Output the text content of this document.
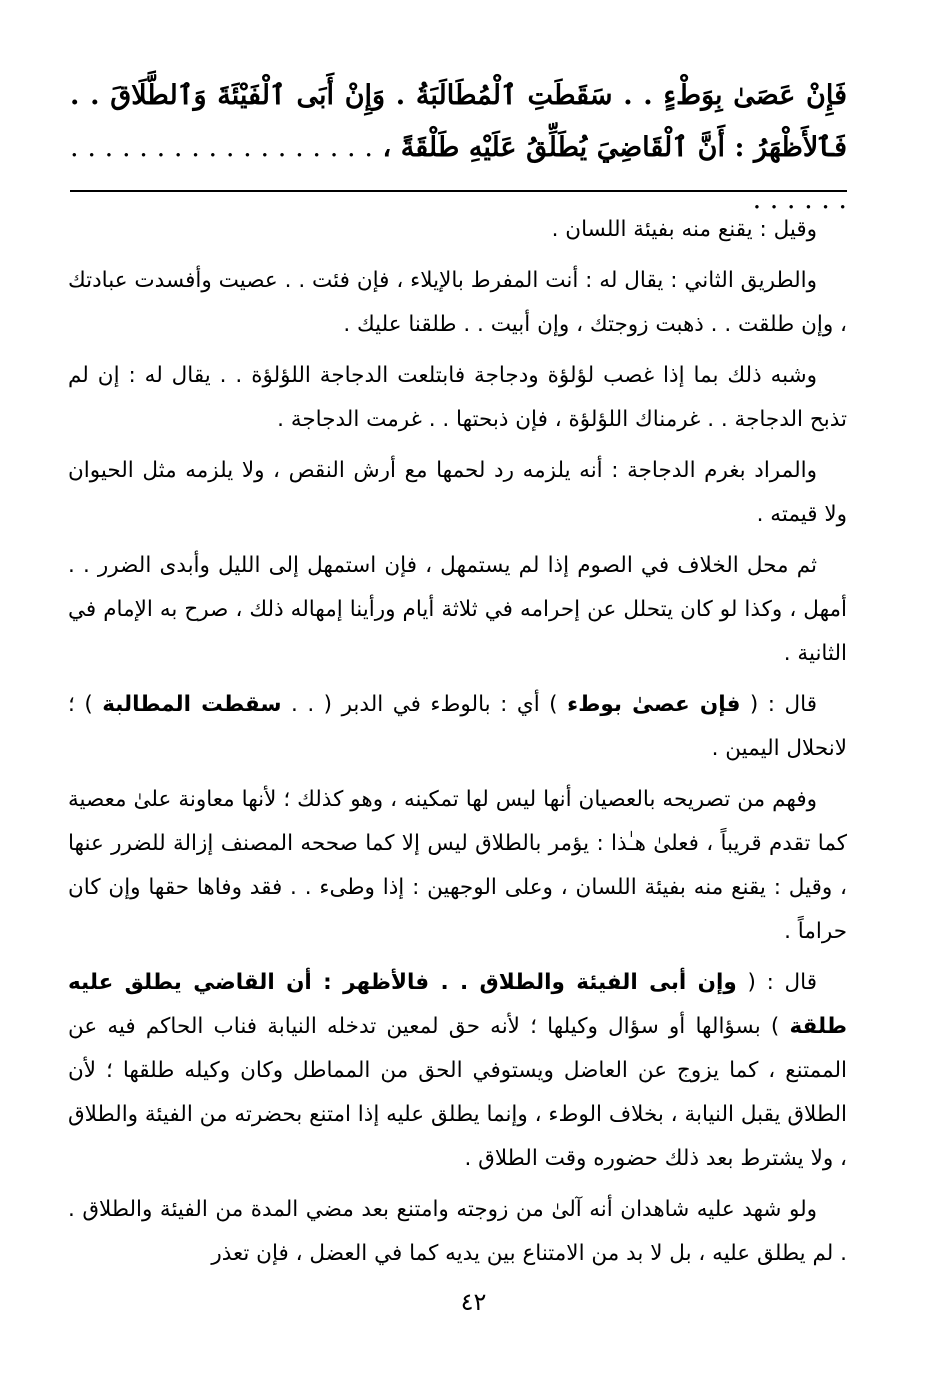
فَإِنْ عَصَىٰ بِوَطْءٍ . . سَقَطَتِ ٱلْمُطَالَبَةُ . وَإِنْ أَبَى ٱلْفَيْئَةَ وَٱلطَّلَاقَ . . فَٱلأَظْهَرُ : أَنَّ ٱلْقَاضِيَ يُطَلِّقُ عَلَيْهِ طَلْقَةً ، . . . . . . . . . . . . . . . . . . . . . . . .

وقيل : يقنع منه بفيئة اللسان .

والطريق الثاني : يقال له : أنت المفرط بالإيلاء ، فإن فئت . . عصيت وأفسدت عبادتك ، وإن طلقت . . ذهبت زوجتك ، وإن أبيت . . طلقنا عليك .

وشبه ذلك بما إذا غصب لؤلؤة ودجاجة فابتلعت الدجاجة اللؤلؤة . . يقال له : إن لم تذبح الدجاجة . . غرمناك اللؤلؤة ، فإن ذبحتها . . غرمت الدجاجة .

والمراد بغرم الدجاجة : أنه يلزمه رد لحمها مع أرش النقص ، ولا يلزمه مثل الحيوان ولا قيمته .

ثم محل الخلاف في الصوم إذا لم يستمهل ، فإن استمهل إلى الليل وأبدى الضرر . . أمهل ، وكذا لو كان يتحلل عن إحرامه في ثلاثة أيام ورأينا إمهاله ذلك ، صرح به الإمام في الثانية .

قال : ( فإن عصىٰ بوطء ) أي : بالوطء في الدبر ( . . سقطت المطالبة ) ؛ لانحلال اليمين .

وفهم من تصريحه بالعصيان أنها ليس لها تمكينه ، وهو كذلك ؛ لأنها معاونة علىٰ معصية كما تقدم قريباً ، فعلىٰ هـٰذا : يؤمر بالطلاق ليس إلا كما صححه المصنف إزالة للضرر عنها ، وقيل : يقنع منه بفيئة اللسان ، وعلى الوجهين : إذا وطىء . . فقد وفاها حقها وإن كان حراماً .

قال : ( وإن أبى الفيئة والطلاق . . فالأظهر : أن القاضي يطلق عليه طلقة ) بسؤالها أو سؤال وكيلها ؛ لأنه حق لمعين تدخله النيابة فناب الحاكم فيه عن الممتنع ، كما يزوج عن العاضل ويستوفي الحق من المماطل وكان وكيله طلقها ؛ لأن الطلاق يقبل النيابة ، بخلاف الوطء ، وإنما يطلق عليه إذا امتنع بحضرته من الفيئة والطلاق ، ولا يشترط بعد ذلك حضوره وقت الطلاق .

ولو شهد عليه شاهدان أنه آلىٰ من زوجته وامتنع بعد مضي المدة من الفيئة والطلاق . . لم يطلق عليه ، بل لا بد من الامتناع بين يديه كما في العضل ، فإن تعذر

٤٢
